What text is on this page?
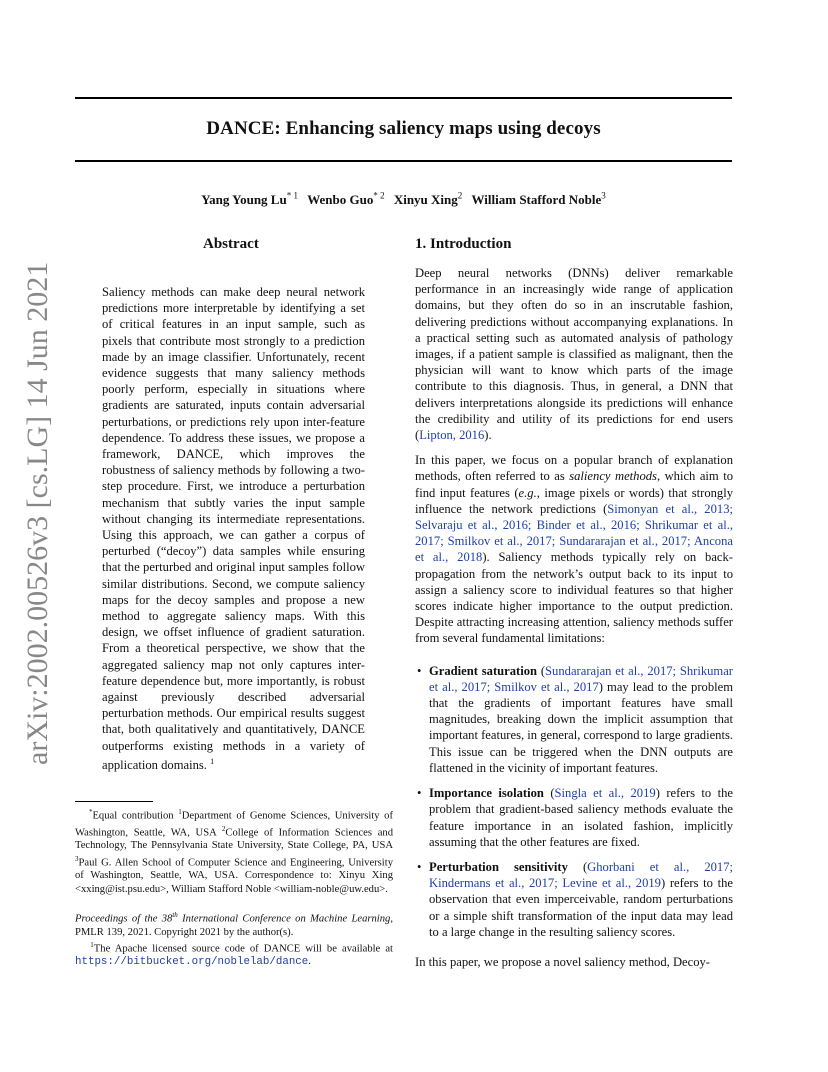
DANCE: Enhancing saliency maps using decoys
Yang Young Lu$^{* 1}$ Wenbo Guo$^{* 2}$ Xinyu Xing$^2$ William Stafford Noble$^3$
arXiv:2002.00526v3 [cs.LG] 14 Jun 2021
Abstract
Saliency methods can make deep neural network predictions more interpretable by identifying a set of critical features in an input sample, such as pixels that contribute most strongly to a prediction made by an image classifier. Unfortunately, recent evidence suggests that many saliency methods poorly perform, especially in situations where gradients are saturated, inputs contain adversarial perturbations, or predictions rely upon inter-feature dependence. To address these issues, we propose a framework, DANCE, which improves the robustness of saliency methods by following a two-step procedure. First, we introduce a perturbation mechanism that subtly varies the input sample without changing its intermediate representations. Using this approach, we can gather a corpus of perturbed (“decoy”) data samples while ensuring that the perturbed and original input samples follow similar distributions. Second, we compute saliency maps for the decoy samples and propose a new method to aggregate saliency maps. With this design, we offset influence of gradient saturation. From a theoretical perspective, we show that the aggregated saliency map not only captures inter-feature dependence but, more importantly, is robust against previously described adversarial perturbation methods. Our empirical results suggest that, both qualitatively and quantitatively, DANCE outperforms existing methods in a variety of application domains. $^1$

*Equal contribution $^1$Department of Genome Sciences, University of Washington, Seattle, WA, USA $^2$College of Information Sciences and Technology, The Pennsylvania State University, State College, PA, USA $^3$Paul G. Allen School of Computer Science and Engineering, University of Washington, Seattle, WA, USA. Correspondence to: Xinyu Xing <xxing@ist.psu.edu>, William Stafford Noble <william-noble@uw.edu>.

Proceedings of the 38th International Conference on Machine Learning, PMLR 139, 2021. Copyright 2021 by the author(s).

$^1$The Apache licensed source code of DANCE will be available at https://bitbucket.org/noblelab/dance.

1. Introduction

Deep neural networks (DNNs) deliver remarkable performance in an increasingly wide range of application domains, but they often do so in an inscrutable fashion, delivering predictions without accompanying explanations. In a practical setting such as automated analysis of pathology images, if a patient sample is classified as malignant, then the physician will want to know which parts of the image contribute to this diagnosis. Thus, in general, a DNN that delivers interpretations alongside its predictions will enhance the credibility and utility of its predictions for end users (Lipton, 2016).

In this paper, we focus on a popular branch of explanation methods, often referred to as saliency methods, which aim to find input features (e.g., image pixels or words) that strongly influence the network predictions (Simonyan et al., 2013; Selvaraju et al., 2016; Binder et al., 2016; Shrikumar et al., 2017; Smilkov et al., 2017; Sundararajan et al., 2017; Ancona et al., 2018). Saliency methods typically rely on back-propagation from the network’s output back to its input to assign a saliency score to individual features so that higher scores indicate higher importance to the output prediction. Despite attracting increasing attention, saliency methods suffer from several fundamental limitations:

• Gradient saturation (Sundararajan et al., 2017; Shrikumar et al., 2017; Smilkov et al., 2017) may lead to the problem that the gradients of important features have small magnitudes, breaking down the implicit assumption that important features, in general, correspond to large gradients. This issue can be triggered when the DNN outputs are flattened in the vicinity of important features.
• Importance isolation (Singla et al., 2019) refers to the problem that gradient-based saliency methods evaluate the feature importance in an isolated fashion, implicitly assuming that the other features are fixed.
• Perturbation sensitivity (Ghorbani et al., 2017; Kindermans et al., 2017; Levine et al., 2019) refers to the observation that even imperceivable, random perturbations or a simple shift transformation of the input data may lead to a large change in the resulting saliency scores.

In this paper, we propose a novel saliency method, Decoy-
